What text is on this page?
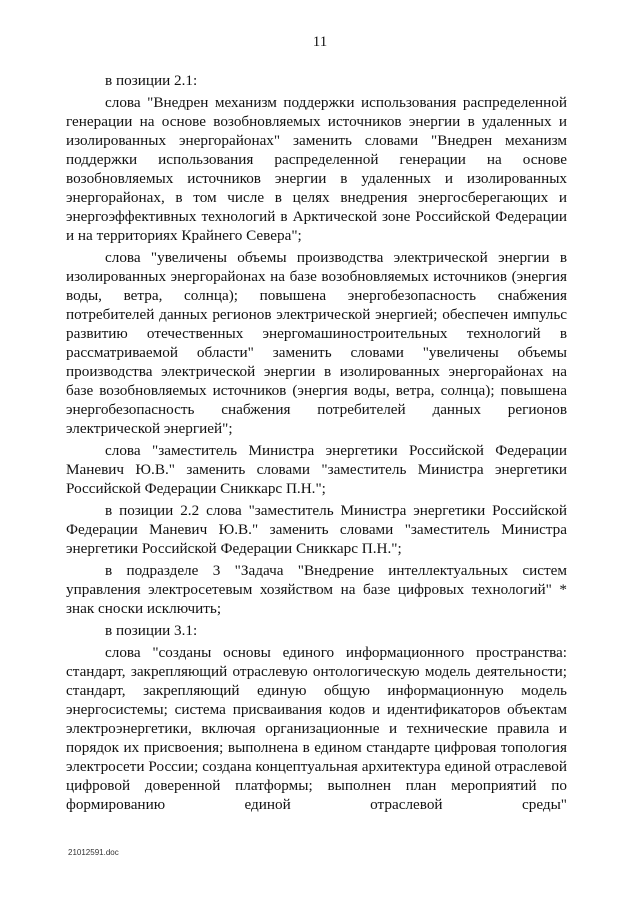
11

в позиции 2.1:

слова "Внедрен механизм поддержки использования распределенной генерации на основе возобновляемых источников энергии в удаленных и изолированных энергорайонах" заменить словами "Внедрен механизм поддержки использования распределенной генерации на основе возобновляемых источников энергии в удаленных и изолированных энергорайонах, в том числе в целях внедрения энергосберегающих и энергоэффективных технологий в Арктической зоне Российской Федерации и на территориях Крайнего Севера";

слова "увеличены объемы производства электрической энергии в изолированных энергорайонах на базе возобновляемых источников (энергия воды, ветра, солнца); повышена энергобезопасность снабжения потребителей данных регионов электрической энергией; обеспечен импульс развитию отечественных энергомашиностроительных технологий в рассматриваемой области" заменить словами "увеличены объемы производства электрической энергии в изолированных энергорайонах на базе возобновляемых источников (энергия воды, ветра, солнца); повышена энергобезопасность снабжения потребителей данных регионов электрической энергией";

слова "заместитель Министра энергетики Российской Федерации Маневич Ю.В." заменить словами "заместитель Министра энергетики Российской Федерации Сниккарс П.Н.";

в позиции 2.2 слова "заместитель Министра энергетики Российской Федерации Маневич Ю.В." заменить словами "заместитель Министра энергетики Российской Федерации Сниккарс П.Н.";

в подразделе 3 "Задача "Внедрение интеллектуальных систем управления электросетевым хозяйством на базе цифровых технологий" * знак сноски исключить;

в позиции 3.1:

слова "созданы основы единого информационного пространства: стандарт, закрепляющий отраслевую онтологическую модель деятельности; стандарт, закрепляющий единую общую информационную модель энергосистемы; система присваивания кодов и идентификаторов объектам электроэнергетики, включая организационные и технические правила и порядок их присвоения; выполнена в едином стандарте цифровая топология электросети России; создана концептуальная архитектура единой отраслевой цифровой доверенной платформы; выполнен план мероприятий по формированию единой отраслевой среды"

21012591.doc
